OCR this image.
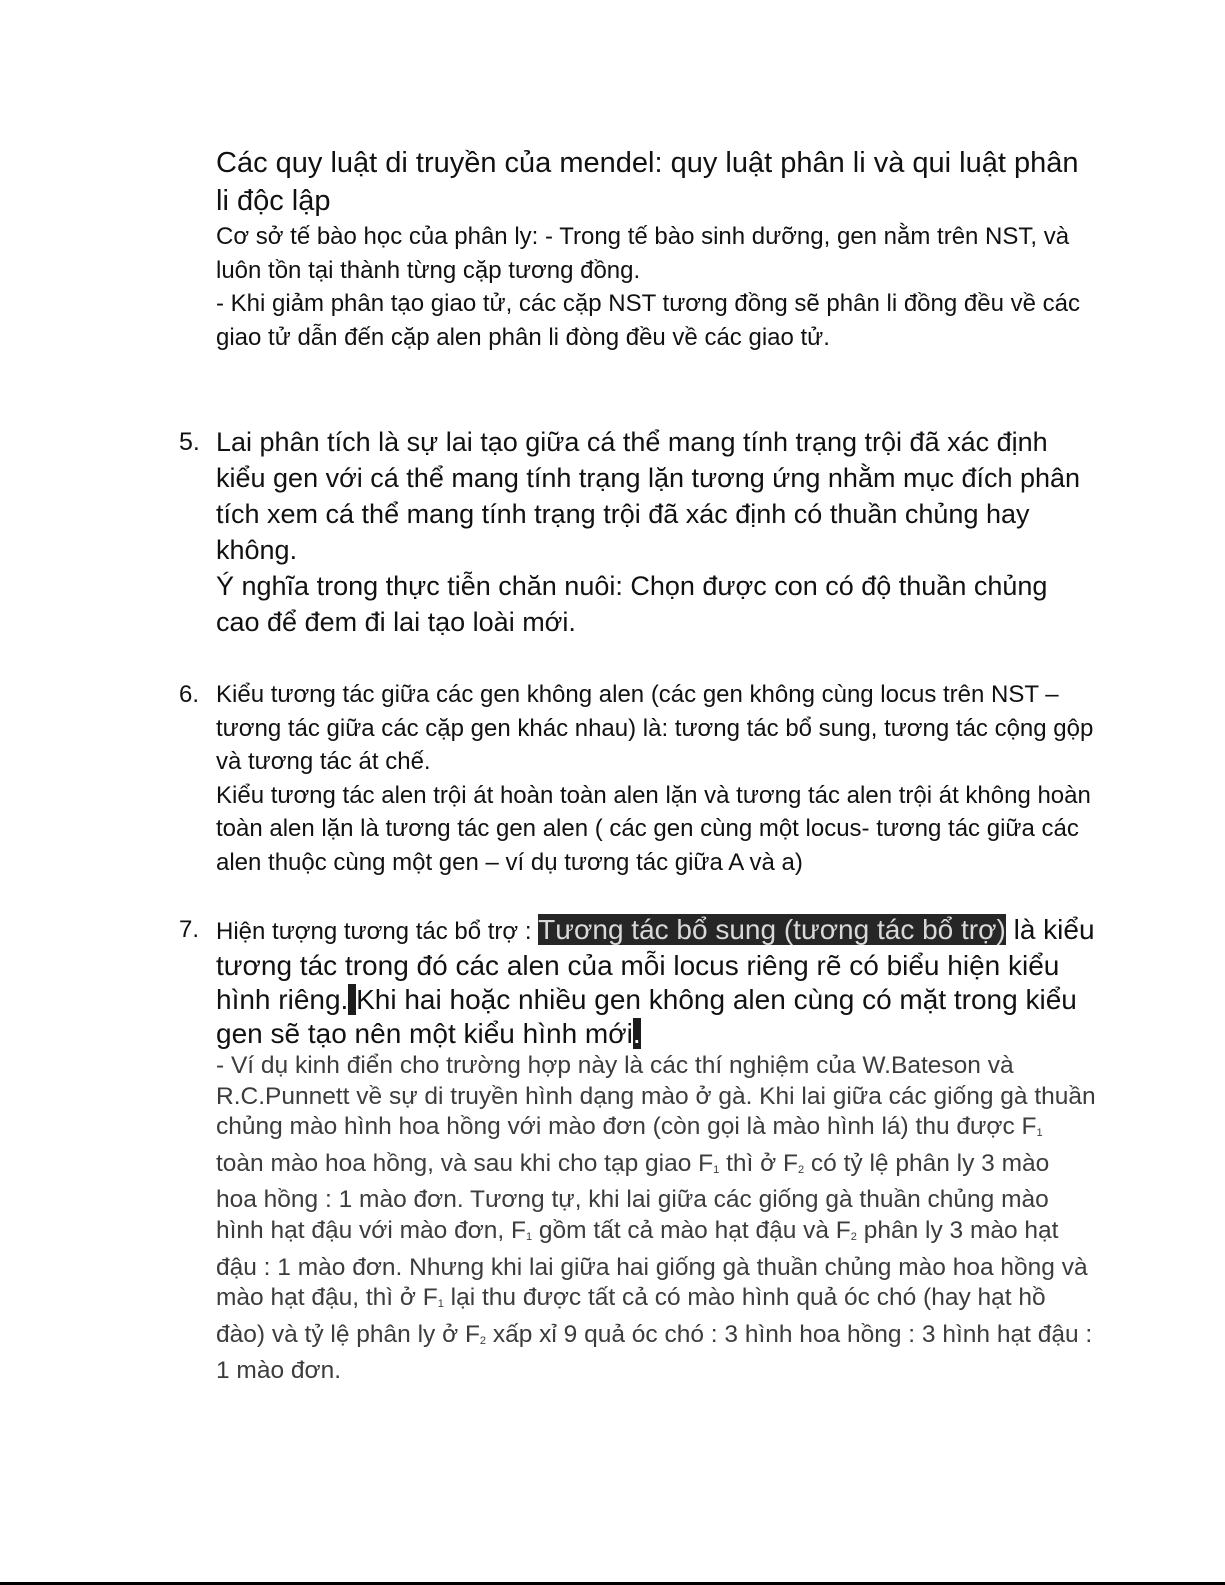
Các quy luật di truyền của mendel: quy luật phân li và qui luật phân li độc lập

Cơ sở tế bào học của phân ly: - Trong tế bào sinh dưỡng, gen nằm trên NST, và luôn tồn tại thành từng cặp tương đồng.

- Khi giảm phân tạo giao tử, các cặp NST tương đồng sẽ phân li đồng đều về các giao tử dẫn đến cặp alen phân li đòng đều về các giao tử.

5. Lai phân tích là sự lai tạo giữa cá thể mang tính trạng trội đã xác định kiểu gen với cá thể mang tính trạng lặn tương ứng nhằm mục đích phân tích xem cá thể mang tính trạng trội đã xác định có thuần chủng hay không.

Ý nghĩa trong thực tiễn chăn nuôi: Chọn được con có độ thuần chủng cao để đem đi lai tạo loài mới.

6. Kiểu tương tác giữa các gen không alen (các gen không cùng locus trên NST – tương tác giữa các cặp gen khác nhau) là: tương tác bổ sung, tương tác cộng gộp và tương tác át chế.

Kiểu tương tác alen trội át hoàn toàn alen lặn và tương tác alen trội át không hoàn toàn alen lặn là tương tác gen alen ( các gen cùng một locus- tương tác giữa các alen thuộc cùng một gen – ví dụ tương tác giữa A và a)

7. Hiện tượng tương tác bổ trợ : Tương tác bổ sung (tương tác bổ trợ) là kiểu tương tác trong đó các alen của mỗi locus riêng rẽ có biểu hiện kiểu hình riêng. Khi hai hoặc nhiều gen không alen cùng có mặt trong kiểu gen sẽ tạo nên một kiểu hình mới.

- Ví dụ kinh điển cho trường hợp này là các thí nghiệm của W.Bateson và R.C.Punnett về sự di truyền hình dạng mào ở gà. Khi lai giữa các giống gà thuần chủng mào hình hoa hồng với mào đơn (còn gọi là mào hình lá) thu được $F_1$ toàn mào hoa hồng, và sau khi cho tạp giao $F_1$ thì ở $F_2$ có tỷ lệ phân ly 3 mào hoa hồng : 1 mào đơn. Tương tự, khi lai giữa các giống gà thuần chủng mào hình hạt đậu với mào đơn, $F_1$ gồm tất cả mào hạt đậu và $F_2$ phân ly 3 mào hạt đậu : 1 mào đơn. Nhưng khi lai giữa hai giống gà thuần chủng mào hoa hồng và mào hạt đậu, thì ở $F_1$ lại thu được tất cả có mào hình quả óc chó (hay hạt hồ đào) và tỷ lệ phân ly ở $F_2$ xấp xỉ 9 quả óc chó : 3 hình hoa hồng : 3 hình hạt đậu : 1 mào đơn.
